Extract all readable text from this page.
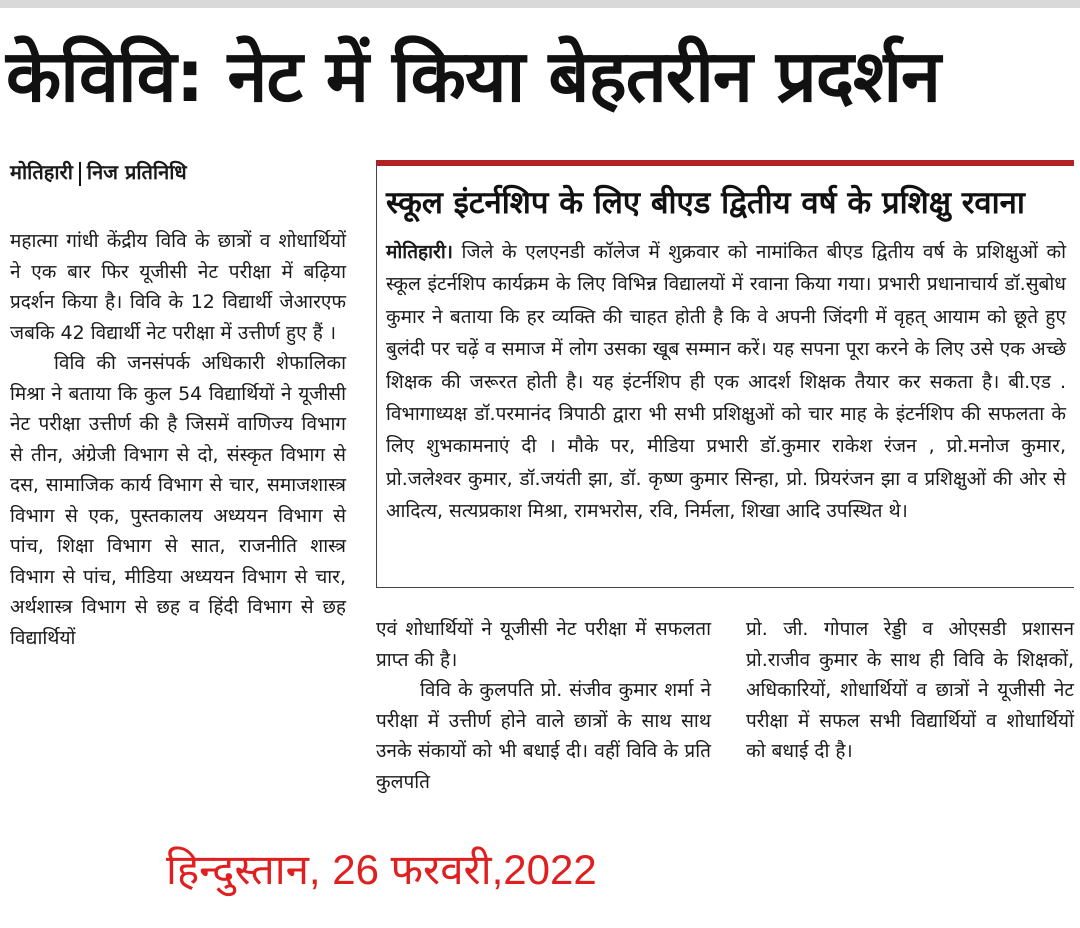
केविवि: नेट में किया बेहतरीन प्रदर्शन
मोतिहारी निज प्रतिनिधि

महात्मा गांधी केंद्रीय विवि के छात्रों व शोधार्थियों ने एक बार फिर यूजीसी नेट परीक्षा में बढ़िया प्रदर्शन किया है। विवि के 12 विद्यार्थी जेआरएफ जबकि 42 विद्यार्थी नेट परीक्षा में उत्तीर्ण हुए हैं ।

विवि की जनसंपर्क अधिकारी शेफालिका मिश्रा ने बताया कि कुल 54 विद्यार्थियों ने यूजीसी नेट परीक्षा उत्तीर्ण की है जिसमें वाणिज्य विभाग से तीन, अंग्रेजी विभाग से दो, संस्कृत विभाग से दस, सामाजिक कार्य विभाग से चार, समाजशास्त्र विभाग से एक, पुस्तकालय अध्ययन विभाग से पांच, शिक्षा विभाग से सात, राजनीति शास्त्र विभाग से पांच, मीडिया अध्ययन विभाग से चार, अर्थशास्त्र विभाग से छह व हिंदी विभाग से छह विद्यार्थियों

स्कूल इंटर्नशिप के लिए बीएड द्वितीय वर्ष के प्रशिक्षु रवाना
मोतिहारी। जिले के एलएनडी कॉलेज में शुक्रवार को नामांकित बीएड द्वितीय वर्ष के प्रशिक्षुओं को स्कूल इंटर्नशिप कार्यक्रम के लिए विभिन्न विद्यालयों में रवाना किया गया। प्रभारी प्रधानाचार्य डॉ.सुबोध कुमार ने बताया कि हर व्यक्ति की चाहत होती है कि वे अपनी जिंदगी में वृहत् आयाम को छूते हुए बुलंदी पर चढ़ें व समाज में लोग उसका खूब सम्मान करें। यह सपना पूरा करने के लिए उसे एक अच्छे शिक्षक की जरूरत होती है। यह इंटर्नशिप ही एक आदर्श शिक्षक तैयार कर सकता है। बी.एड . विभागाध्यक्ष डॉ.परमानंद त्रिपाठी द्वारा भी सभी प्रशिक्षुओं को चार माह के इंटर्नशिप की सफलता के लिए शुभकामनाएं दी । मौके पर, मीडिया प्रभारी डॉ.कुमार राकेश रंजन , प्रो.मनोज कुमार, प्रो.जलेश्वर कुमार, डॉ.जयंती झा, डॉ. कृष्ण कुमार सिन्हा, प्रो. प्रियरंजन झा व प्रशिक्षुओं की ओर से आदित्य, सत्यप्रकाश मिश्रा, रामभरोस, रवि, निर्मला, शिखा आदि उपस्थित थे।

एवं शोधार्थियों ने यूजीसी नेट परीक्षा में सफलता प्राप्त की है।

विवि के कुलपति प्रो. संजीव कुमार शर्मा ने परीक्षा में उत्तीर्ण होने वाले छात्रों के साथ साथ उनके संकायों को भी बधाई दी। वहीं विवि के प्रति कुलपति

प्रो. जी. गोपाल रेड्डी व ओएसडी प्रशासन प्रो.राजीव कुमार के साथ ही विवि के शिक्षकों, अधिकारियों, शोधार्थियों व छात्रों ने यूजीसी नेट परीक्षा में सफल सभी विद्यार्थियों व शोधार्थियों को बधाई दी है।

हिन्दुस्तान, 26 फरवरी,2022
